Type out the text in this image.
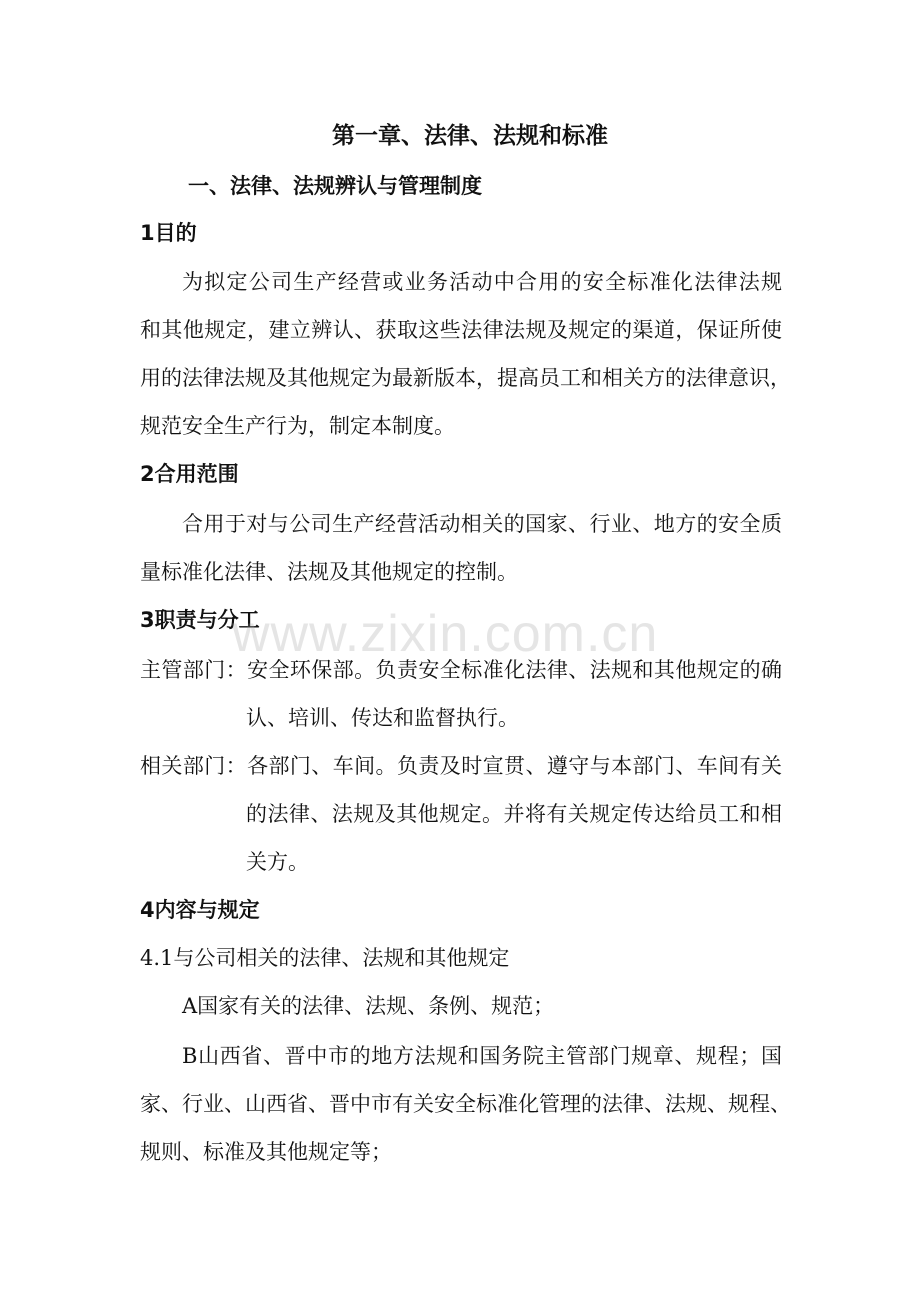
第一章、法律、法规和标准
一、法律、法规辨认与管理制度
1目的
为拟定公司生产经营或业务活动中合用的安全标准化法律法规
和其他规定，建立辨认、获取这些法律法规及规定的渠道，保证所使
用的法律法规及其他规定为最新版本，提高员工和相关方的法律意识，
规范安全生产行为，制定本制度。
2合用范围
合用于对与公司生产经营活动相关的国家、行业、地方的安全质
量标准化法律、法规及其他规定的控制。
3职责与分工
主管部门：安全环保部。负责安全标准化法律、法规和其他规定的确
认、培训、传达和监督执行。
相关部门：各部门、车间。负责及时宣贯、遵守与本部门、车间有关
的法律、法规及其他规定。并将有关规定传达给员工和相
关方。
4内容与规定
4.1与公司相关的法律、法规和其他规定
A国家有关的法律、法规、条例、规范；
B山西省、晋中市的地方法规和国务院主管部门规章、规程；国
家、行业、山西省、晋中市有关安全标准化管理的法律、法规、规程、
规则、标准及其他规定等；
www.zixin.com.cn
